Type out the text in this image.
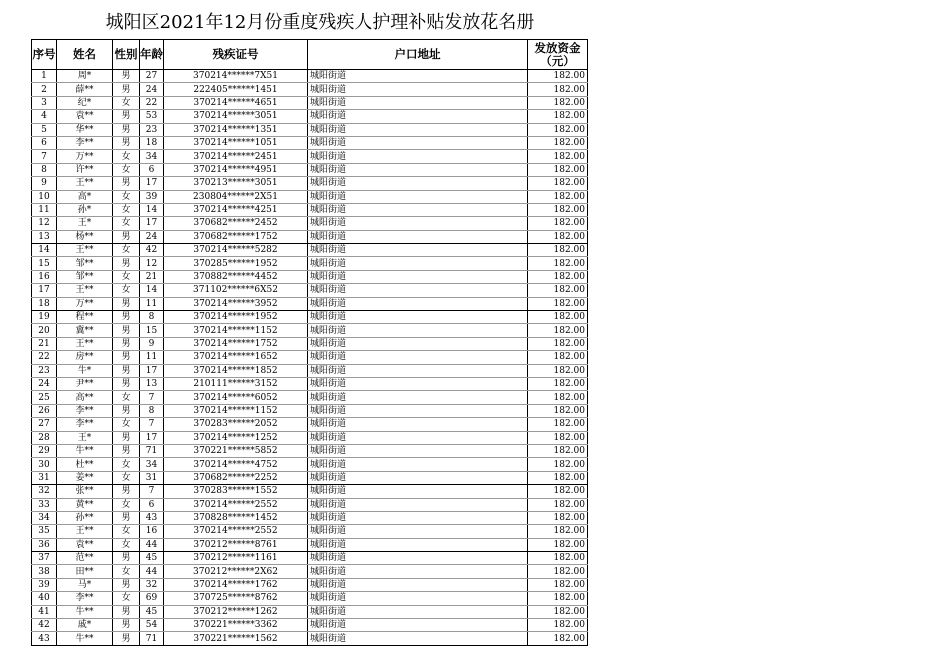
城阳区2021年12月份重度残疾人护理补贴发放花名册
序号	姓名	性别	年龄	残疾证号	户口地址	发放资金
（元）
1	周*	男	27	370214******7X51	城阳街道	182.00
2	薛**	男	24	222405******1451	城阳街道	182.00
3	纪*	女	22	370214******4651	城阳街道	182.00
4	袁**	男	53	370214******3051	城阳街道	182.00
5	华**	男	23	370214******1351	城阳街道	182.00
6	李**	男	18	370214******1051	城阳街道	182.00
7	万**	女	34	370214******2451	城阳街道	182.00
8	许**	女	6	370214******4951	城阳街道	182.00
9	王**	男	17	370213******3051	城阳街道	182.00
10	高*	女	39	230804******2X51	城阳街道	182.00
11	孙*	女	14	370214******4251	城阳街道	182.00
12	王*	女	17	370682******2452	城阳街道	182.00
13	杨**	男	24	370682******1752	城阳街道	182.00
14	王**	女	42	370214******5282	城阳街道	182.00
15	邹**	男	12	370285******1952	城阳街道	182.00
16	邹**	女	21	370882******4452	城阳街道	182.00
17	王**	女	14	371102******6X52	城阳街道	182.00
18	万**	男	11	370214******3952	城阳街道	182.00
19	程**	男	8	370214******1952	城阳街道	182.00
20	冀**	男	15	370214******1152	城阳街道	182.00
21	王**	男	9	370214******1752	城阳街道	182.00
22	房**	男	11	370214******1652	城阳街道	182.00
23	牛*	男	17	370214******1852	城阳街道	182.00
24	尹**	男	13	210111******3152	城阳街道	182.00
25	高**	女	7	370214******6052	城阳街道	182.00
26	李**	男	8	370214******1152	城阳街道	182.00
27	李**	女	7	370283******2052	城阳街道	182.00
28	王*	男	17	370214******1252	城阳街道	182.00
29	牛**	男	71	370221******5852	城阳街道	182.00
30	杜**	女	34	370214******4752	城阳街道	182.00
31	姜**	女	31	370682******2252	城阳街道	182.00
32	张**	男	7	370283******1552	城阳街道	182.00
33	黄**	女	6	370214******2552	城阳街道	182.00
34	孙**	男	43	370828******1452	城阳街道	182.00
35	王**	女	16	370214******2552	城阳街道	182.00
36	袁**	女	44	370212******8761	城阳街道	182.00
37	范**	男	45	370212******1161	城阳街道	182.00
38	田**	女	44	370212******2X62	城阳街道	182.00
39	马*	男	32	370214******1762	城阳街道	182.00
40	李**	女	69	370725******8762	城阳街道	182.00
41	牛**	男	45	370212******1262	城阳街道	182.00
42	戚*	男	54	370221******3362	城阳街道	182.00
43	牛**	男	71	370221******1562	城阳街道	182.00
